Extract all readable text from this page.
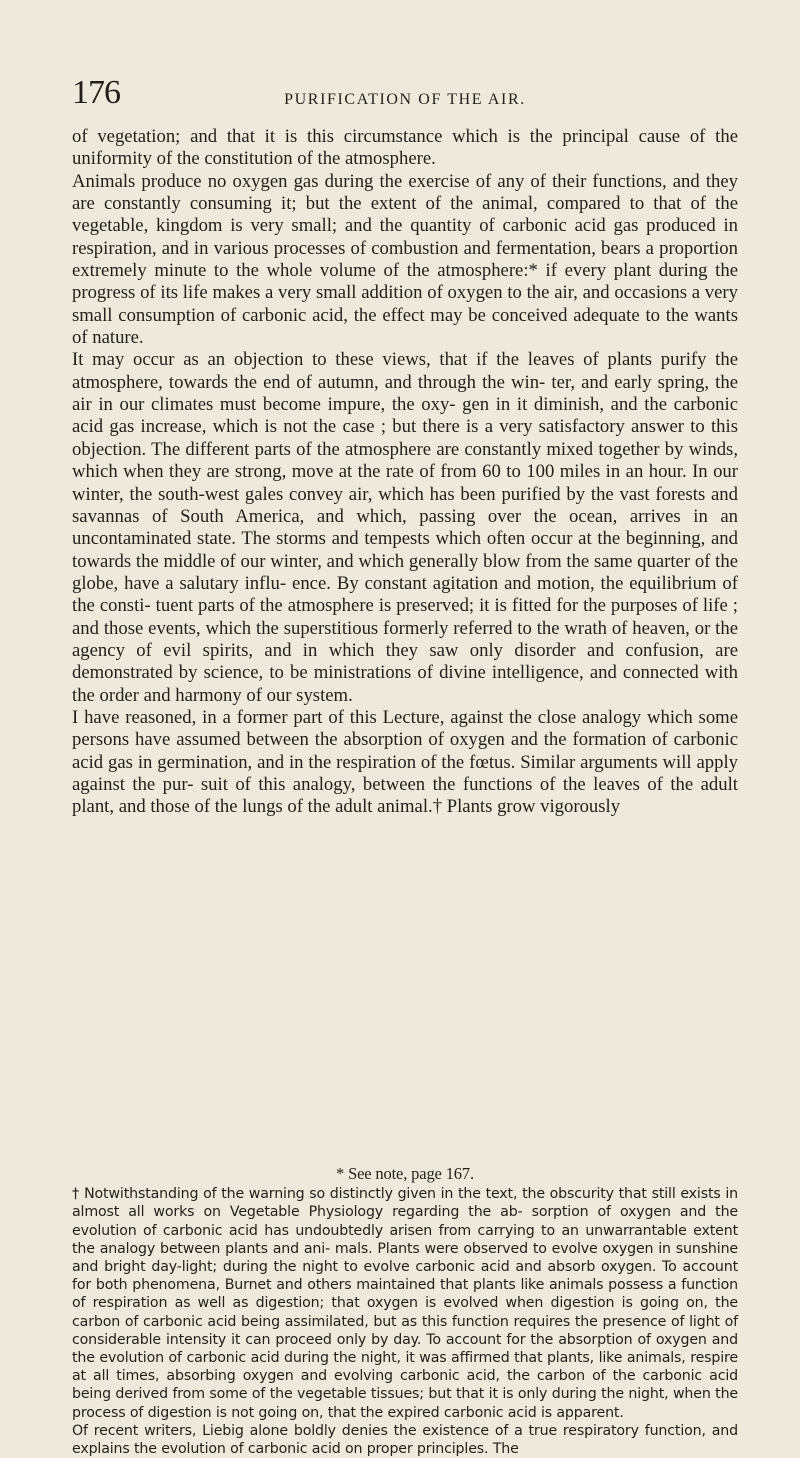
176	PURIFICATION OF THE AIR.

of vegetation; and that it is this circumstance which is the principal cause of the uniformity of the constitution of the atmosphere.

Animals produce no oxygen gas during the exercise of any of their functions, and they are constantly consuming it; but the extent of the animal, compared to that of the vegetable, kingdom is very small; and the quantity of carbonic acid gas produced in respiration, and in various processes of combustion and fermentation, bears a proportion extremely minute to the whole volume of the atmosphere:* if every plant during the progress of its life makes a very small addition of oxygen to the air, and occasions a very small consumption of carbonic acid, the effect may be conceived adequate to the wants of nature.

It may occur as an objection to these views, that if the leaves of plants purify the atmosphere, towards the end of autumn, and through the win- ter, and early spring, the air in our climates must become impure, the oxy- gen in it diminish, and the carbonic acid gas increase, which is not the case ; but there is a very satisfactory answer to this objection. The different parts of the atmosphere are constantly mixed together by winds, which when they are strong, move at the rate of from 60 to 100 miles in an hour. In our winter, the south-west gales convey air, which has been purified by the vast forests and savannas of South America, and which, passing over the ocean, arrives in an uncontaminated state. The storms and tempests which often occur at the beginning, and towards the middle of our winter, and which generally blow from the same quarter of the globe, have a salutary influ- ence. By constant agitation and motion, the equilibrium of the consti- tuent parts of the atmosphere is preserved; it is fitted for the purposes of life ; and those events, which the superstitious formerly referred to the wrath of heaven, or the agency of evil spirits, and in which they saw only disorder and confusion, are demonstrated by science, to be ministrations of divine intelligence, and connected with the order and harmony of our system.

I have reasoned, in a former part of this Lecture, against the close analogy which some persons have assumed between the absorption of oxygen and the formation of carbonic acid gas in germination, and in the respiration of the fœtus. Similar arguments will apply against the pur- suit of this analogy, between the functions of the leaves of the adult plant, and those of the lungs of the adult animal.† Plants grow vigorously

* See note, page 167.

† Notwithstanding of the warning so distinctly given in the text, the obscurity that still exists in almost all works on Vegetable Physiology regarding the ab- sorption of oxygen and the evolution of carbonic acid has undoubtedly arisen from carrying to an unwarrantable extent the analogy between plants and ani- mals. Plants were observed to evolve oxygen in sunshine and bright day-light; during the night to evolve carbonic acid and absorb oxygen. To account for both phenomena, Burnet and others maintained that plants like animals possess a function of respiration as well as digestion; that oxygen is evolved when digestion is going on, the carbon of carbonic acid being assimilated, but as this function requires the presence of light of considerable intensity it can proceed only by day. To account for the absorption of oxygen and the evolution of carbonic acid during the night, it was affirmed that plants, like animals, respire at all times, absorbing oxygen and evolving carbonic acid, the carbon of the carbonic acid being derived from some of the vegetable tissues; but that it is only during the night, when the process of digestion is not going on, that the expired carbonic acid is apparent.

Of recent writers, Liebig alone boldly denies the existence of a true respiratory function, and explains the evolution of carbonic acid on proper principles. The
